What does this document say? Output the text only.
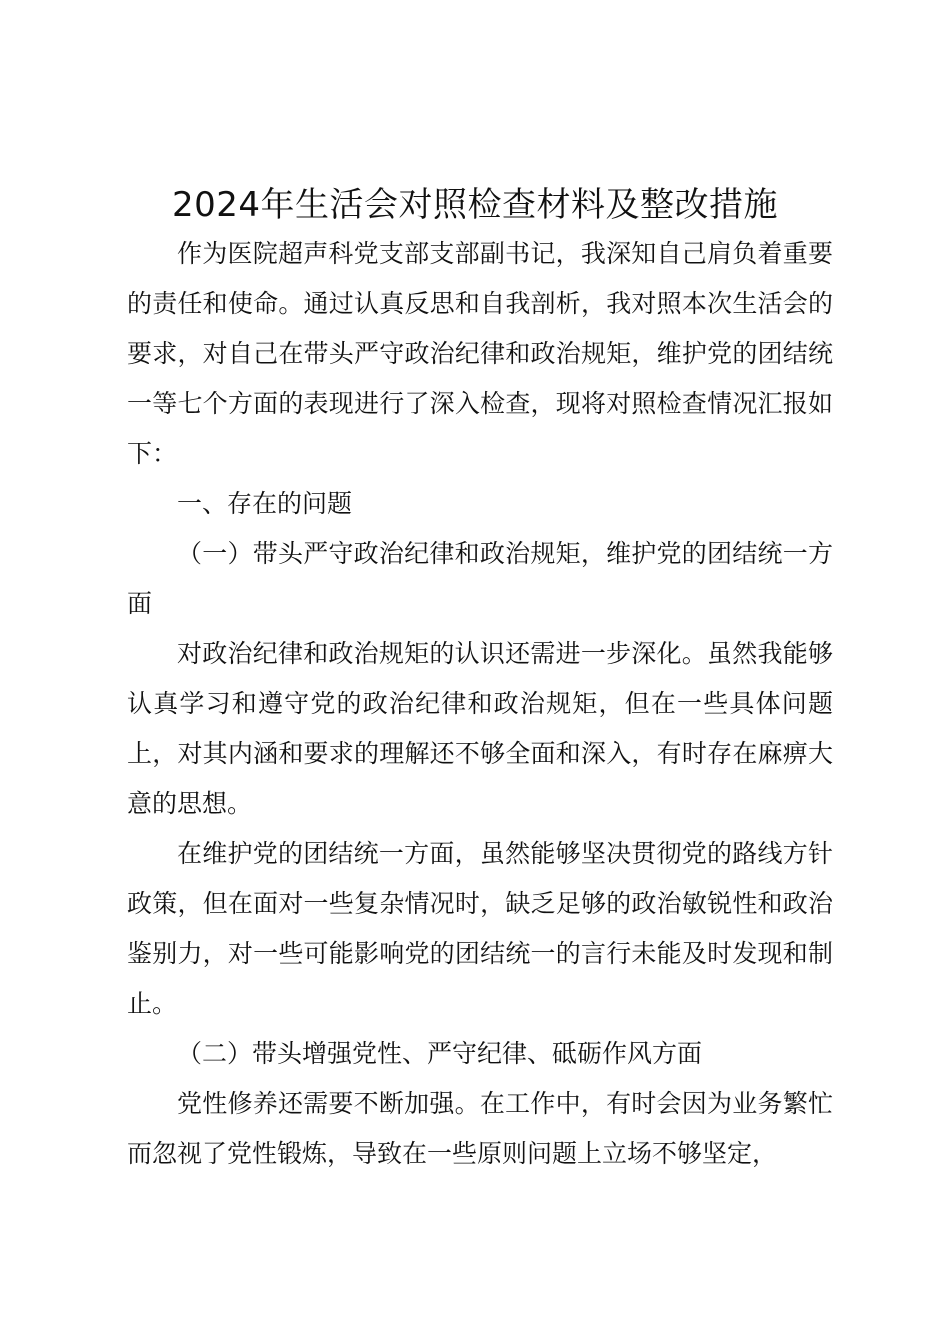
2024年生活会对照检查材料及整改措施

作为医院超声科党支部支部副书记，我深知自己肩负着重要的责任和使命。通过认真反思和自我剖析，我对照本次生活会的要求，对自己在带头严守政治纪律和政治规矩，维护党的团结统一等七个方面的表现进行了深入检查，现将对照检查情况汇报如下：

一、存在的问题

（一）带头严守政治纪律和政治规矩，维护党的团结统一方面

对政治纪律和政治规矩的认识还需进一步深化。虽然我能够认真学习和遵守党的政治纪律和政治规矩，但在一些具体问题上，对其内涵和要求的理解还不够全面和深入，有时存在麻痹大意的思想。

在维护党的团结统一方面，虽然能够坚决贯彻党的路线方针政策，但在面对一些复杂情况时，缺乏足够的政治敏锐性和政治鉴别力，对一些可能影响党的团结统一的言行未能及时发现和制止。

（二）带头增强党性、严守纪律、砥砺作风方面

党性修养还需要不断加强。在工作中，有时会因为业务繁忙而忽视了党性锻炼，导致在一些原则问题上立场不够坚定，
